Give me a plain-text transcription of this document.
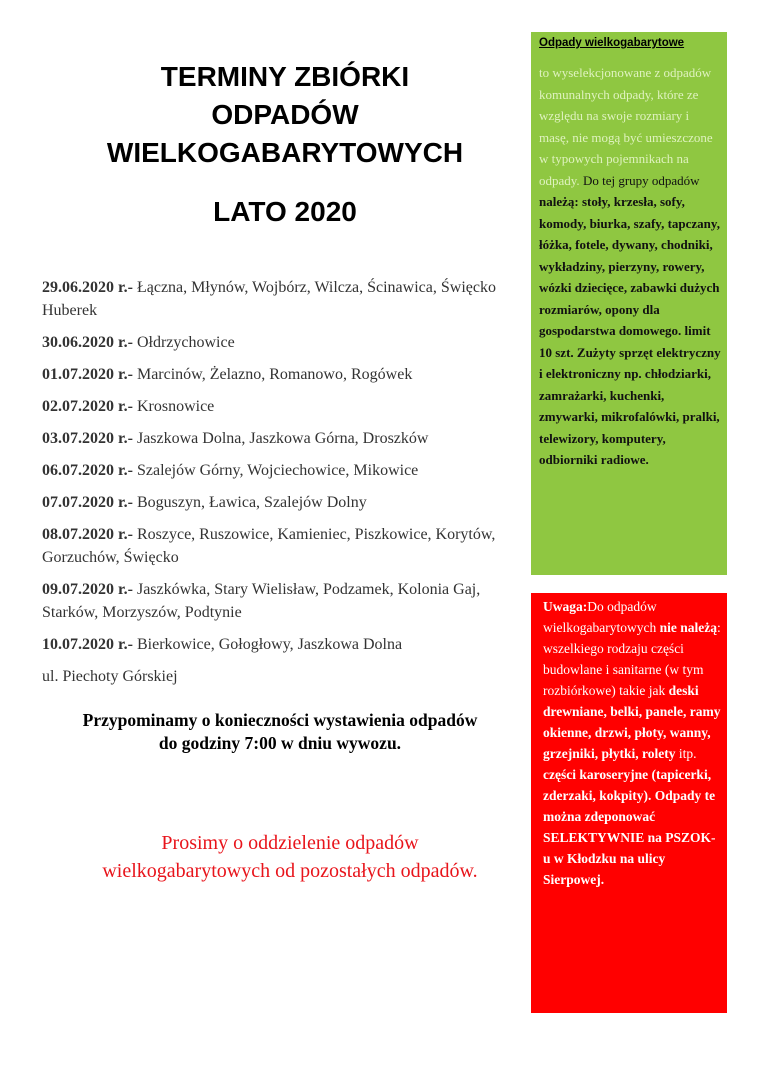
TERMINY ZBIÓRKI
ODPADÓW
WIELKOGABARYTOWYCH
LATO 2020
29.06.2020 r.- Łączna, Młynów, Wojbórz, Wilcza, Ścinawica, Święcko Huberek
30.06.2020 r.- Ołdrzychowice
01.07.2020 r.- Marcinów, Żelazno, Romanowo, Rogówek
02.07.2020 r.- Krosnowice
03.07.2020 r.- Jaszkowa Dolna, Jaszkowa Górna, Droszków
06.07.2020 r.- Szalejów Górny, Wojciechowice, Mikowice
07.07.2020 r.- Boguszyn, Ławica, Szalejów Dolny
08.07.2020 r.- Roszyce, Ruszowice, Kamieniec, Piszkowice, Korytów, Gorzuchów, Święcko
09.07.2020 r.- Jaszkówka, Stary Wielisław, Podzamek, Kolonia Gaj, Starków, Morzyszów, Podtynie
10.07.2020 r.- Bierkowice, Gołogłowy, Jaszkowa Dolna
ul. Piechoty Górskiej
Przypominamy o konieczności wystawienia odpadów
do godziny 7:00 w dniu wywozu.
Prosimy o oddzielenie odpadów
wielkogabarytowych od pozostałych odpadów.
Odpady wielkogabarytowe
to wyselekcjonowane z odpadów komunalnych odpady, które ze względu na swoje rozmiary i masę, nie mogą być umieszczone w typowych pojemnikach na odpady. Do tej grupy odpadów należą: stoły, krzesła, sofy, komody, biurka, szafy, tapczany, łóżka, fotele, dywany, chodniki, wykładziny, pierzyny, rowery, wózki dziecięce, zabawki dużych rozmiarów, opony dla gospodarstwa domowego. limit 10 szt. Zużyty sprzęt elektryczny i elektroniczny np. chłodziarki, zamrażarki, kuchenki, zmywarki, mikrofalówki, pralki, telewizory, komputery, odbiorniki radiowe.
Uwaga:Do odpadów wielkogabarytowych nie należą:
wszelkiego rodzaju części budowlane i sanitarne (w tym rozbiórkowe) takie jak deski drewniane, belki, panele, ramy okienne, drzwi, płoty, wanny, grzejniki, płytki, rolety itp.
części karoseryjne (tapicerki, zderzaki, kokpity). Odpady te można zdeponować SELEKTYWNIE na PSZOK- u w Kłodzku na ulicy Sierpowej.
